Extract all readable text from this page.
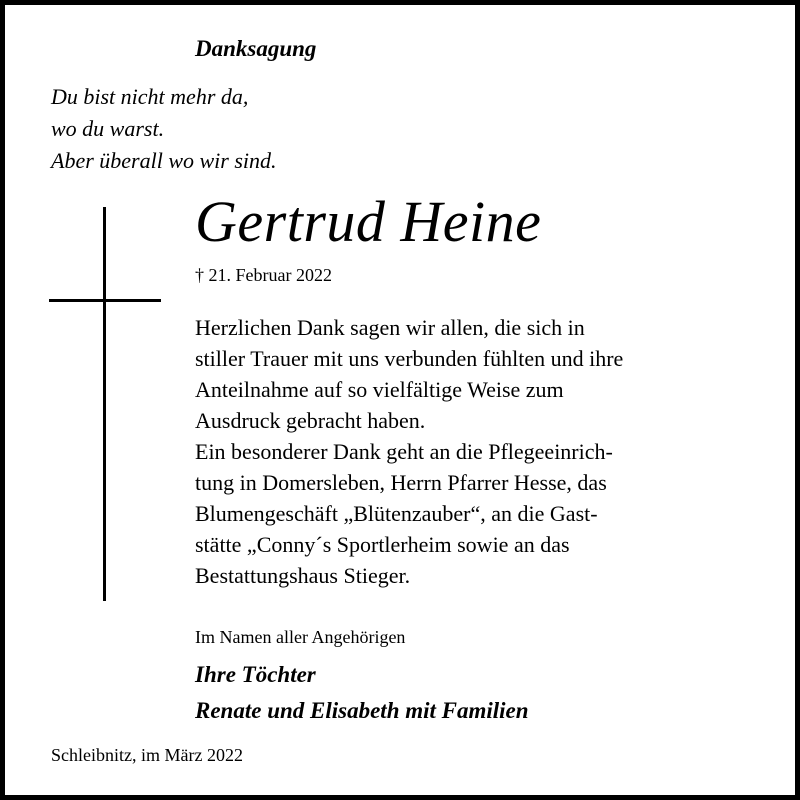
Danksagung
Du bist nicht mehr da,
wo du warst.
Aber überall wo wir sind.
Gertrud Heine
† 21. Februar 2022
Herzlichen Dank sagen wir allen, die sich in
stiller Trauer mit uns verbunden fühlten und ihre
Anteilnahme auf so vielfältige Weise zum
Ausdruck gebracht haben.
Ein besonderer Dank geht an die Pflegeeinrich-
tung in Domersleben, Herrn Pfarrer Hesse, das
Blumengeschäft „Blütenzauber“, an die Gast-
stätte „Conny´s Sportlerheim sowie an das
Bestattungshaus Stieger.
Im Namen aller Angehörigen
Ihre Töchter
Renate und Elisabeth mit Familien
Schleibnitz, im März 2022
